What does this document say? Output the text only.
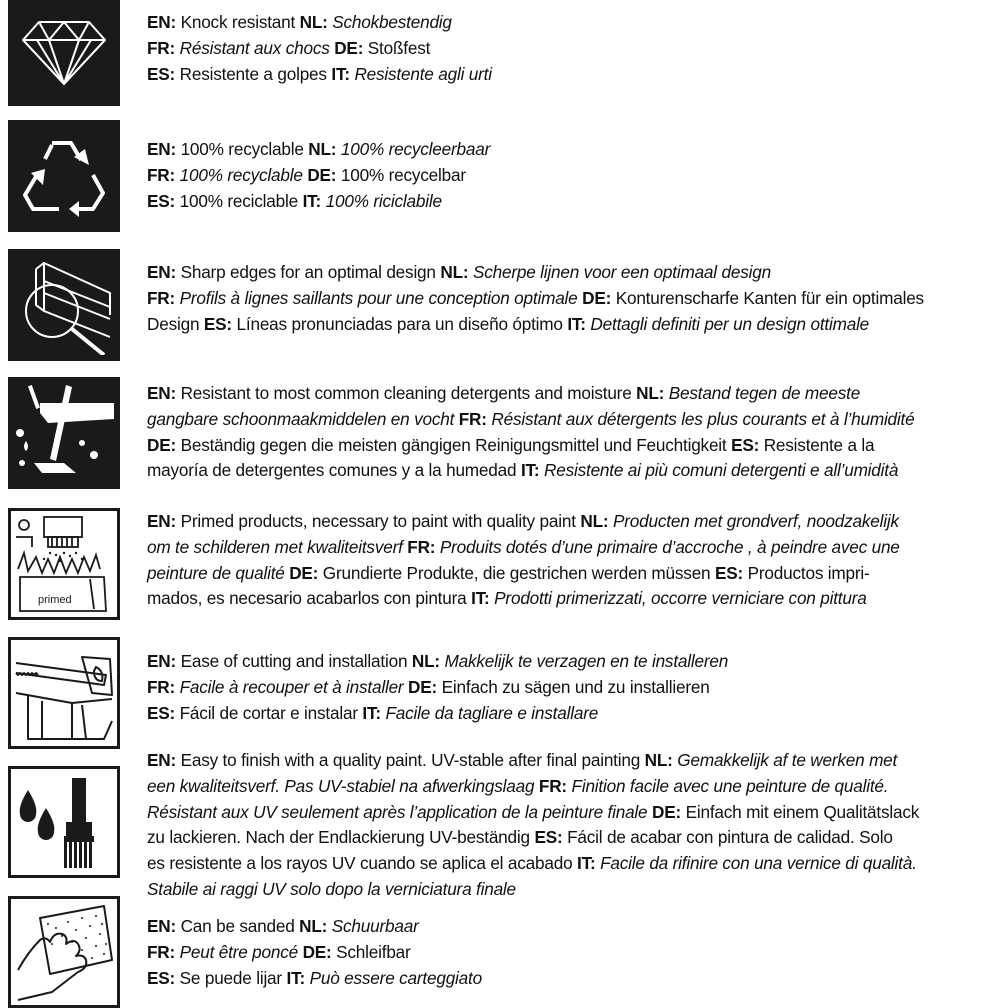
EN: Knock resistant NL: Schokbestendig
FR: Résistant aux chocs DE: Stoßfest
ES: Resistente a golpes IT: Resistente agli urti
EN: 100% recyclable NL: 100% recycleerbaar
FR: 100% recyclable DE: 100% recycelbar
ES: 100% reciclable IT: 100% riciclabile
EN: Sharp edges for an optimal design NL: Scherpe lijnen voor een optimaal design
FR: Profils à lignes saillants pour une conception optimale DE: Konturenscharfe Kanten für ein optimales
Design ES: Líneas pronunciadas para un diseño óptimo IT: Dettagli definiti per un design ottimale
EN: Resistant to most common cleaning detergents and moisture NL: Bestand tegen de meeste
gangbare schoonmaakmiddelen en vocht FR: Résistant aux détergents les plus courants et à l’humidité
DE: Beständig gegen die meisten gängigen Reinigungsmittel und Feuchtigkeit ES: Resistente a la
mayoría de detergentes comunes y a la humedad IT: Resistente ai più comuni detergenti e all’umidità
primed
EN: Primed products, necessary to paint with quality paint NL: Producten met grondverf, noodzakelijk
om te schilderen met kwaliteitsverf FR: Produits dotés d’une primaire d’accroche , à peindre avec une
peinture de qualité DE: Grundierte Produkte, die gestrichen werden müssen ES: Productos impri-
mados, es necesario acabarlos con pintura IT: Prodotti primerizzati, occorre verniciare con pittura
EN: Ease of cutting and installation NL: Makkelijk te verzagen en te installeren
FR: Facile à recouper et à installer DE: Einfach zu sägen und zu installieren
ES: Fácil de cortar e instalar IT: Facile da tagliare e installare
EN: Easy to finish with a quality paint. UV-stable after final painting NL: Gemakkelijk af te werken met
een kwaliteitsverf. Pas UV-stabiel na afwerkingslaag FR: Finition facile avec une peinture de qualité.
Résistant aux UV seulement après l’application de la peinture finale DE: Einfach mit einem Qualitätslack
zu lackieren. Nach der Endlackierung UV-beständig ES: Fácil de acabar con pintura de calidad. Solo
es resistente a los rayos UV cuando se aplica el acabado IT: Facile da rifinire con una vernice di qualità.
Stabile ai raggi UV solo dopo la verniciatura finale
EN: Can be sanded NL: Schuurbaar
FR: Peut être poncé DE: Schleifbar
ES: Se puede lijar IT: Può essere carteggiato
